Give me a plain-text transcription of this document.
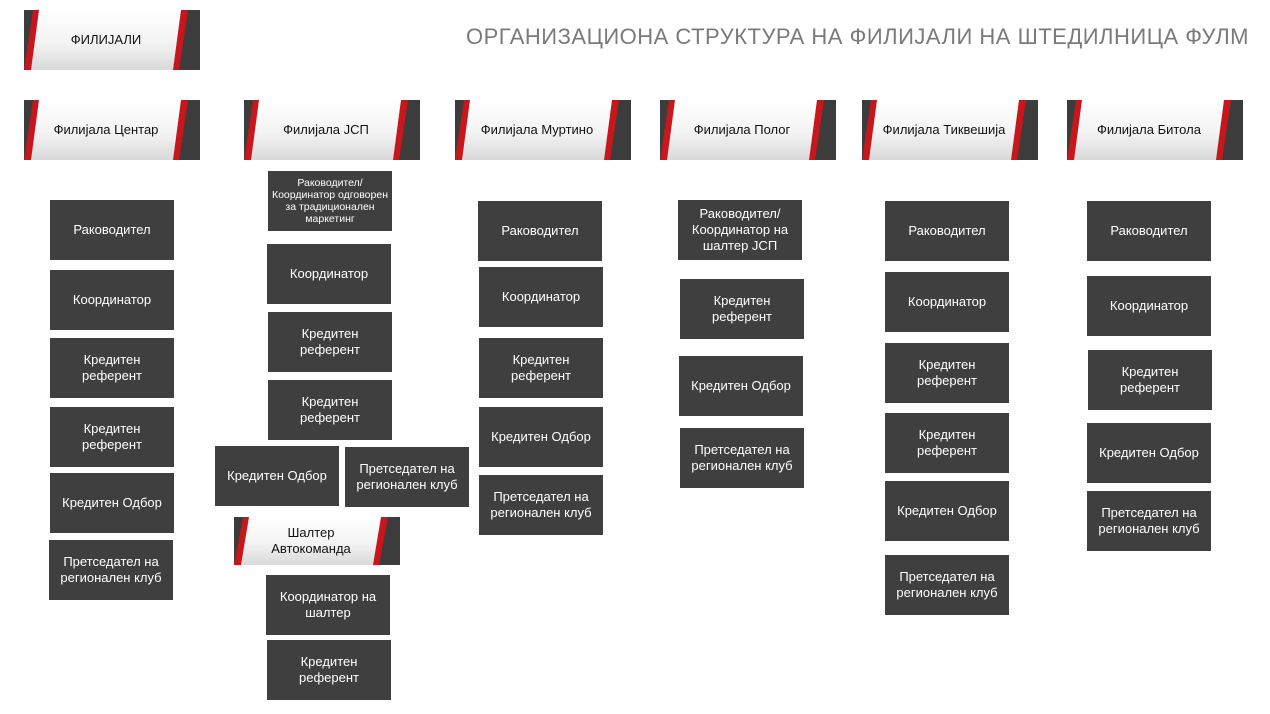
ОРГАНИЗАЦИОНА СТРУКТУРА НА ФИЛИЈАЛИ НА ШТЕДИЛНИЦА ФУЛМ
ФИЛИЈАЛИ
Филијала Центар	Филијала ЈСП	Филијала Муртино	Филијала Полог	Филијала Тиквешија	Филијала Битола
Раководител
Координатор
Кредитен референт
Кредитен референт
Кредитен Одбор
Претседател на регионален клуб
Раководител/Координатор одговорен за традиционален маркетинг
Координатор
Кредитен референт
Кредитен референт
Кредитен Одбор	Претседател на регионален клуб
Шалтер Автокоманда
Координатор на шалтер
Кредитен референт
Раководител
Координатор
Кредитен референт
Кредитен Одбор
Претседател на регионален клуб
Раководител/Координатор на шалтер ЈСП
Кредитен референт
Кредитен Одбор
Претседател на регионален клуб
Раководител
Координатор
Кредитен референт
Кредитен референт
Кредитен Одбор
Претседател на регионален клуб
Раководител
Координатор
Кредитен референт
Кредитен Одбор
Претседател на регионален клуб
